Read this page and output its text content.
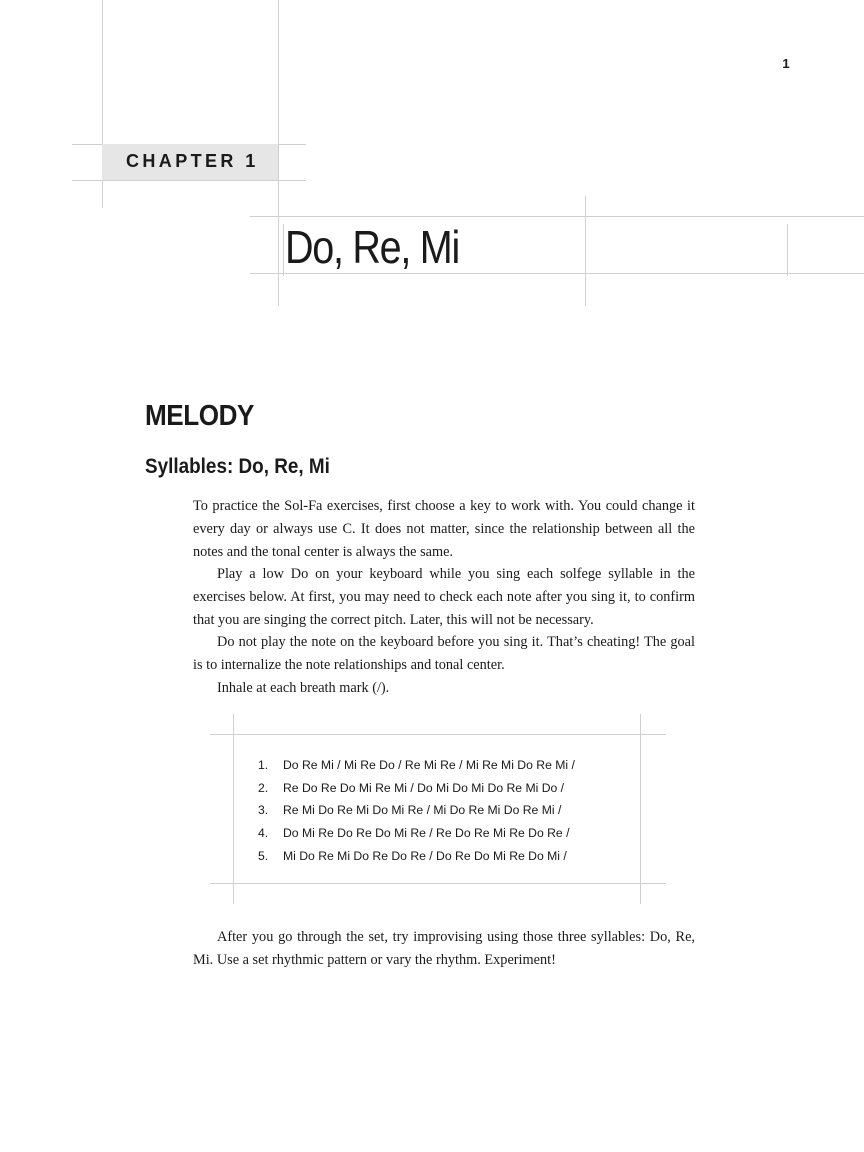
1
CHAPTER 1
Do, Re, Mi
MELODY
Syllables: Do, Re, Mi

To practice the Sol-Fa exercises, first choose a key to work with. You could change it every day or always use C. It does not matter, since the relationship between all the notes and the tonal center is always the same.

Play a low Do on your keyboard while you sing each solfege syllable in the exercises below. At first, you may need to check each note after you sing it, to confirm that you are singing the correct pitch. Later, this will not be necessary.

Do not play the note on the keyboard before you sing it. That’s cheating! The goal is to internalize the note relationships and tonal center.

Inhale at each breath mark (/).

1.	Do Re Mi / Mi Re Do / Re Mi Re / Mi Re Mi Do Re Mi /
2.	Re Do Re Do Mi Re Mi / Do Mi Do Mi Do Re Mi Do /
3.	Re Mi Do Re Mi Do Mi Re / Mi Do Re Mi Do Re Mi /
4.	Do Mi Re Do Re Do Mi Re / Re Do Re Mi Re Do Re /
5.	Mi Do Re Mi Do Re Do Re / Do Re Do Mi Re Do Mi /

After you go through the set, try improvising using those three syllables: Do, Re, Mi. Use a set rhythmic pattern or vary the rhythm. Experiment!
